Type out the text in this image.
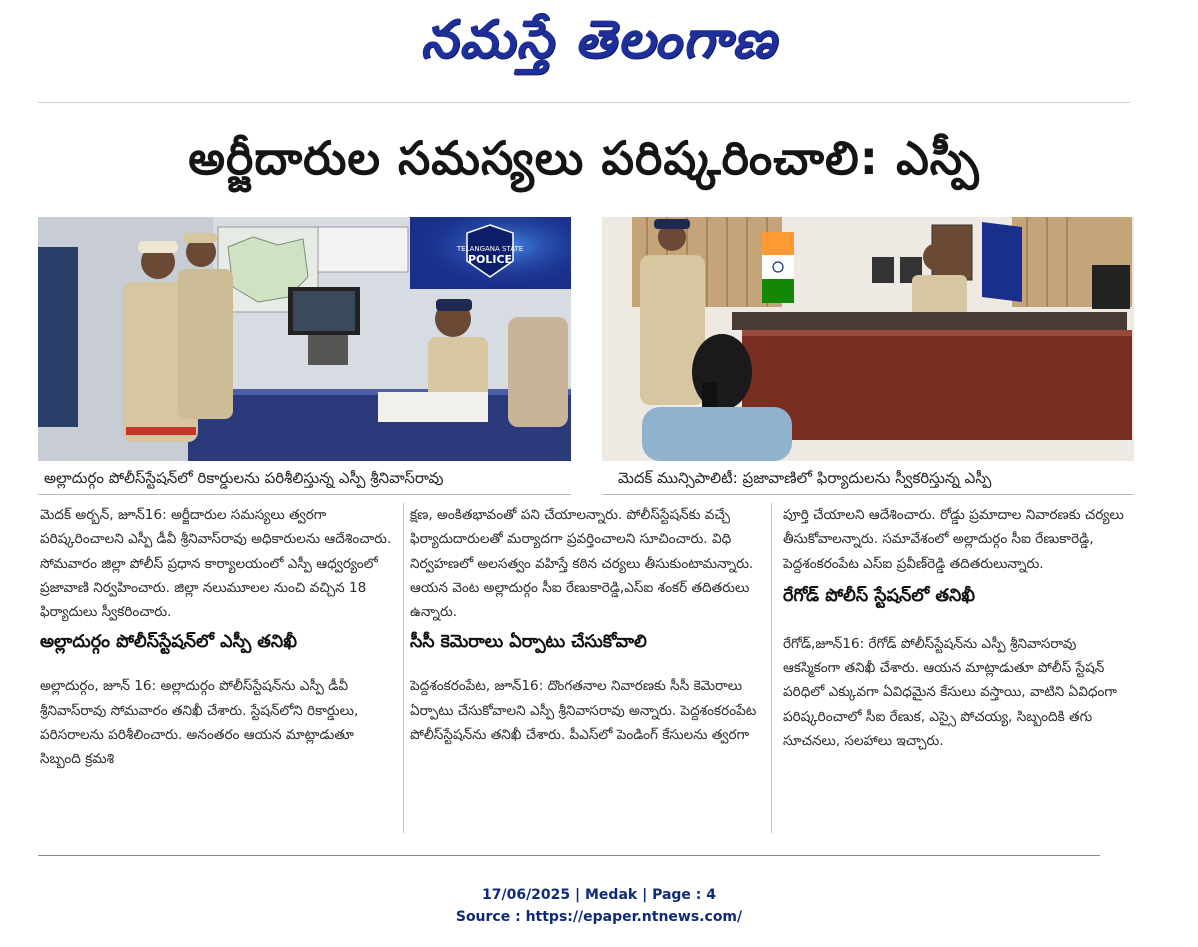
నమస్తే తెలంగాణ
అర్జీదారుల సమస్యలు పరిష్కరించాలి: ఎస్పీ
TELANGANA STATE
POLICE
అల్లాదుర్గం పోలీస్‌స్టేషన్‌లో రికార్డులను పరిశీలిస్తున్న ఎస్పీ శ్రీనివాస్‌రావు	మెదక్ మున్సిపాలిటీ: ప్రజావాణిలో ఫిర్యాదులను స్వీకరిస్తున్న ఎస్పీ

మెదక్ అర్బన్, జూన్16: అర్జీదారుల సమస్యలు త్వరగా పరిష్కరించాలని ఎస్పీ డీవీ శ్రీనివాస్‌రావు అధికారులను ఆదేశించారు. సోమవారం జిల్లా పోలీస్ ప్రధాన కార్యాలయంలో ఎస్పీ ఆధ్వర్యంలో ప్రజావాణి నిర్వహించారు. జిల్లా నలుమూలల నుంచి వచ్చిన 18 ఫిర్యాదులు స్వీకరించారు.

అల్లాదుర్గం పోలీస్‌స్టేషన్‌లో ఎస్పీ తనిఖీ

అల్లాదుర్గం, జూన్ 16: అల్లాదుర్గం పోలీస్‌స్టేషన్‌ను ఎస్పీ డీవీ శ్రీనివాస్‌రావు సోమవారం తనిఖీ చేశారు. స్టేషన్‌లోని రికార్డులు, పరిసరాలను పరిశీలించారు. అనంతరం ఆయన మాట్లాడుతూ సిబ్బంది క్రమశి

క్షణ, అంకితభావంతో పని చేయాలన్నారు. పోలీస్‌స్టేషన్‌కు వచ్చే ఫిర్యాదుదారులతో మర్యాదగా ప్రవర్తించాలని సూచించారు. విధి నిర్వహణలో అలసత్వం వహిస్తే కఠిన చర్యలు తీసుకుంటామన్నారు. ఆయన వెంట అల్లాదుర్గం సీఐ రేణుకారెడ్డి,ఎస్‌ఐ శంకర్ తదితరులు ఉన్నారు.

సీసీ కెమెరాలు ఏర్పాటు చేసుకోవాలి

పెద్దశంకరంపేట, జూన్16: దొంగతనాల నివారణకు సీసీ కెమెరాలు ఏర్పాటు చేసుకోవాలని ఎస్పీ శ్రీనివాసరావు అన్నారు. పెద్దశంకరంపేట పోలీస్‌స్టేషన్‌ను తనిఖీ చేశారు. పీఎస్‌లో పెండింగ్ కేసులను త్వరగా

పూర్తి చేయాలని ఆదేశించారు. రోడ్డు ప్రమాదాల నివారణకు చర్యలు తీసుకోవాలన్నారు. సమావేశంలో అల్లాదుర్గం సీఐ రేణుకారెడ్డి, పెద్దశంకరంపేట ఎస్‌ఐ ప్రవీణ్‌రెడ్డి తదితరులున్నారు.

రేగోడ్ పోలీస్ స్టేషన్‌లో తనిఖీ

రేగోడ్,జూన్16: రేగోడ్ పోలీస్‌స్టేషన్‌ను ఎస్పీ శ్రీనివాసరావు ఆకస్మికంగా తనిఖీ చేశారు. ఆయన మాట్లాడుతూ పోలీస్ స్టేషన్ పరిధిలో ఎక్కువగా ఏవిధమైన కేసులు వస్తాయి, వాటిని ఏవిధంగా పరిష్కరించాలో సీఐ రేణుక, ఎస్సై పోచయ్య, సిబ్బందికి తగు సూచనలు, సలహాలు ఇచ్చారు.

17/06/2025 | Medak | Page : 4
Source : https://epaper.ntnews.com/
